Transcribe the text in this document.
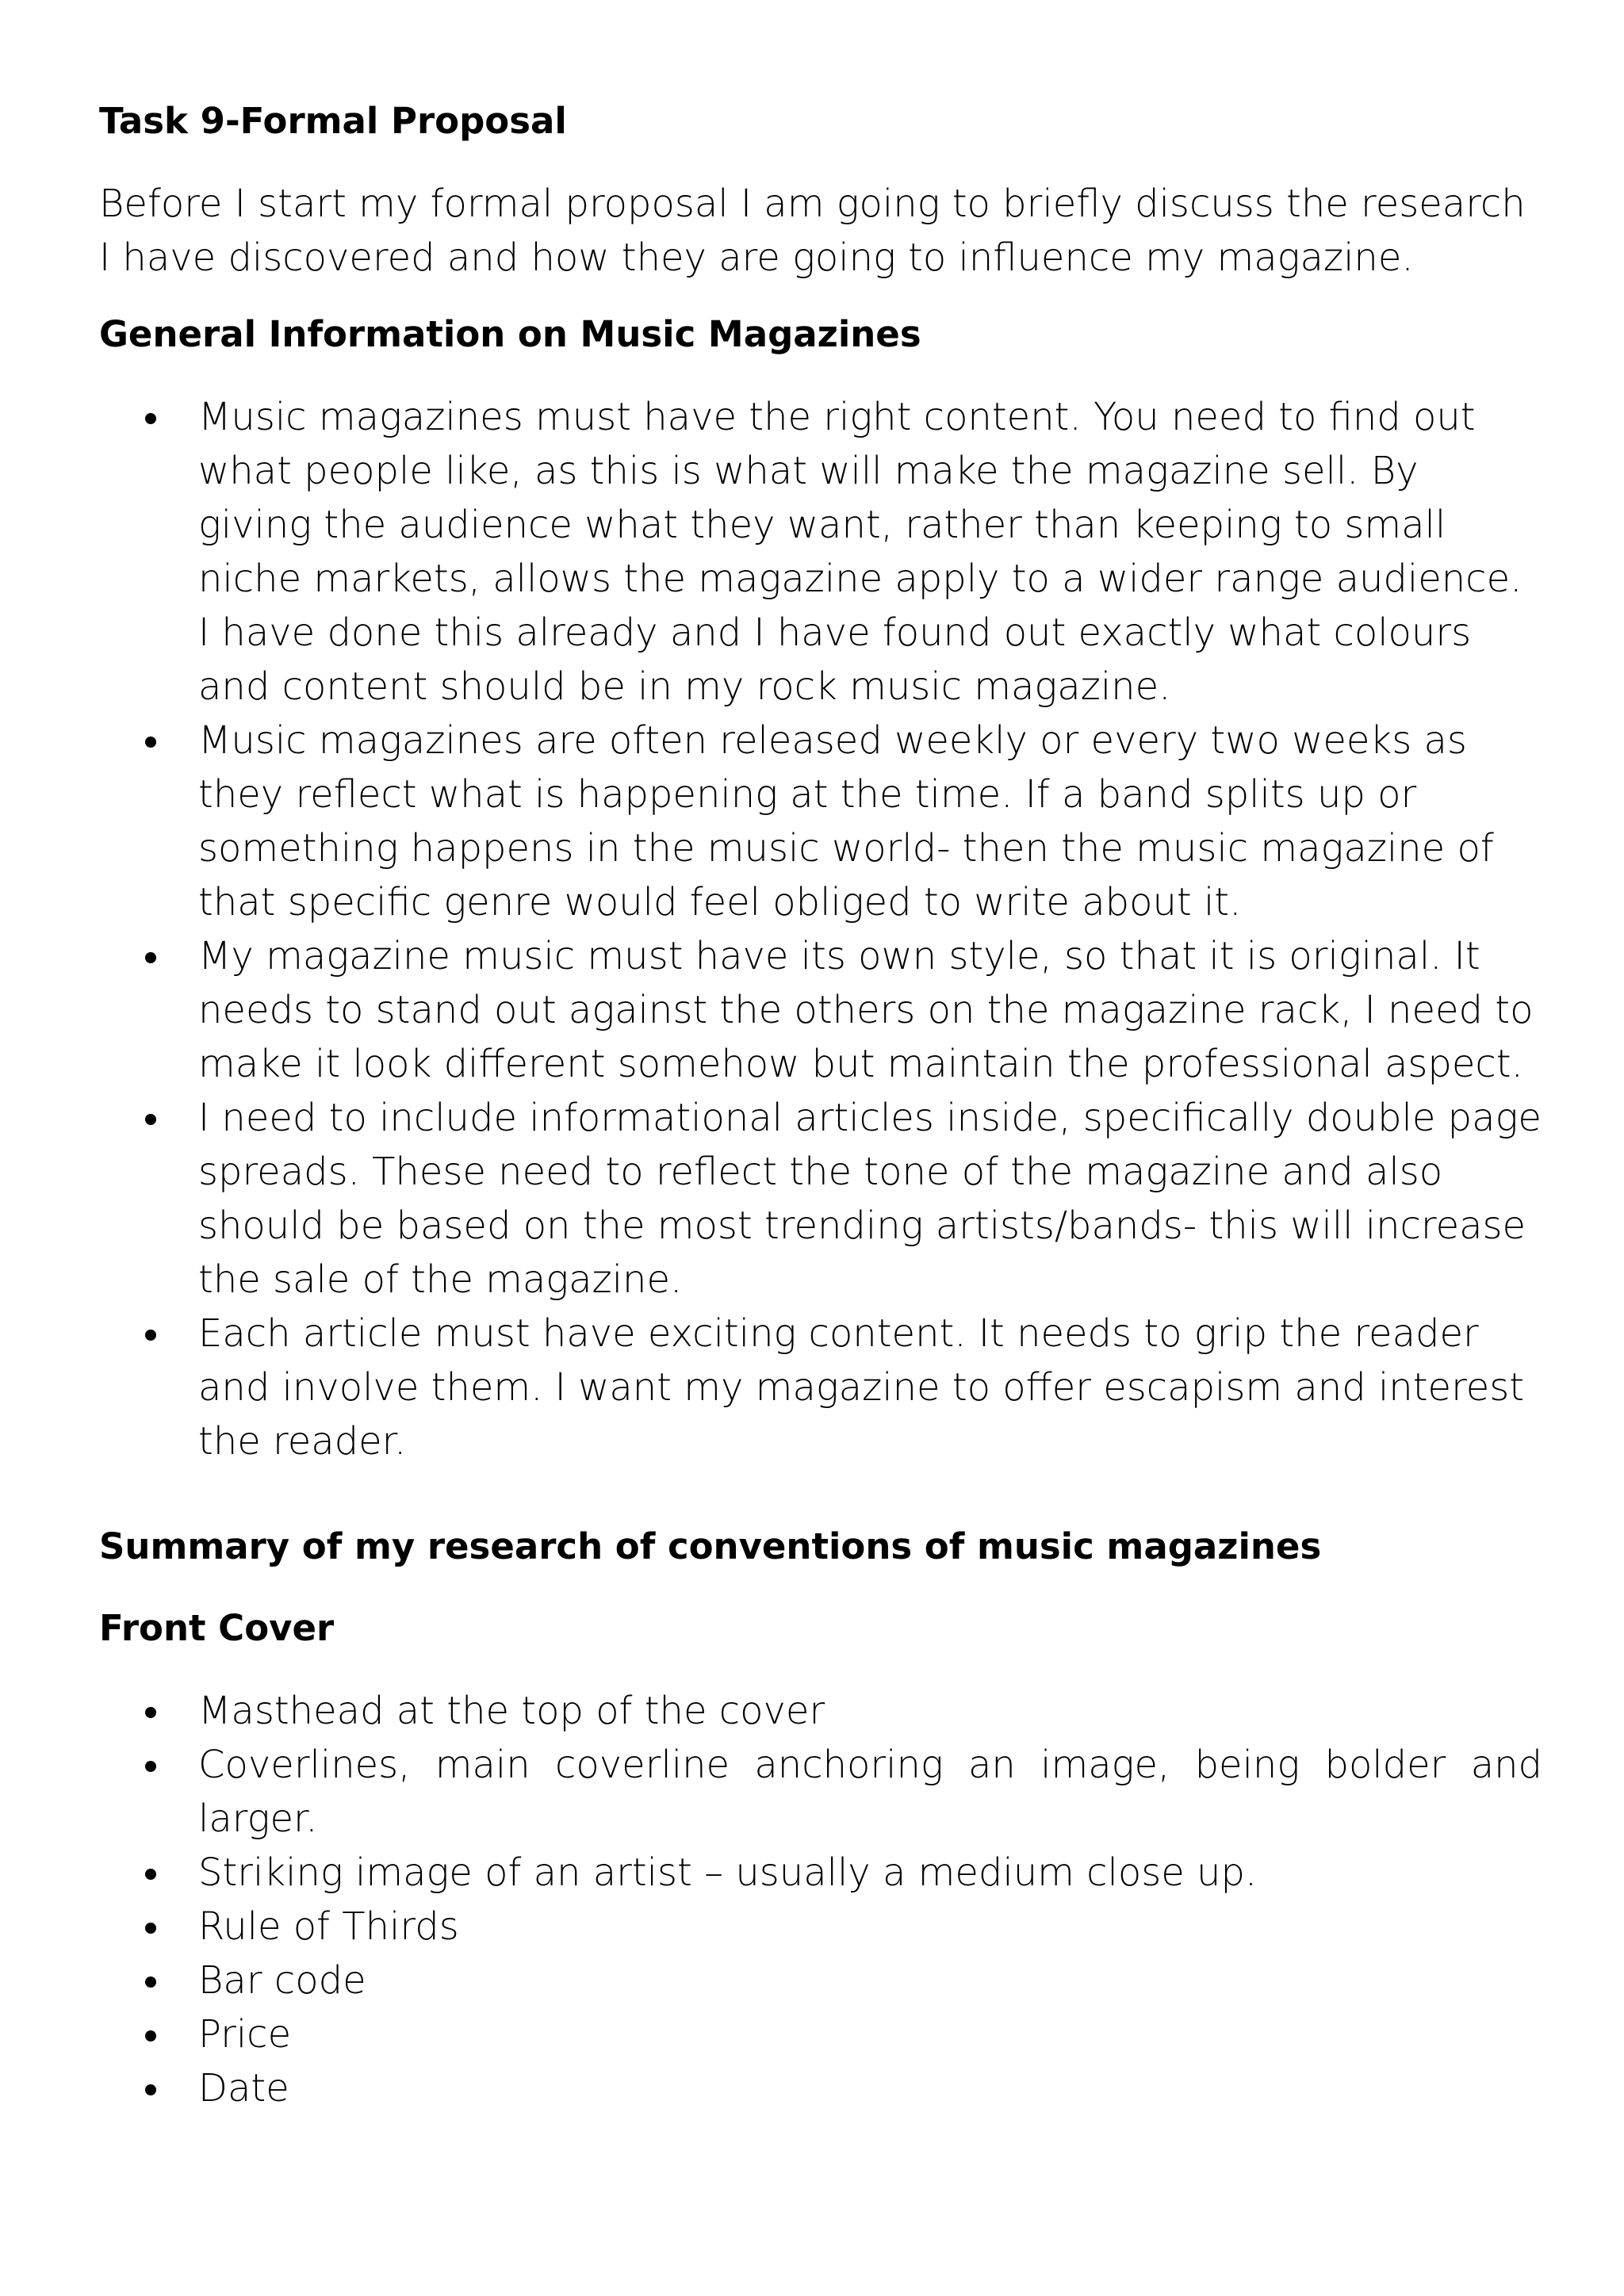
Task 9-Formal Proposal

Before I start my formal proposal I am going to briefly discuss the research I have discovered and how they are going to influence my magazine.

General Information on Music Magazines
Music magazines must have the right content. You need to find out what people like, as this is what will make the magazine sell. By giving the audience what they want, rather than keeping to small niche markets, allows the magazine apply to a wider range audience. I have done this already and I have found out exactly what colours and content should be in my rock music magazine.
Music magazines are often released weekly or every two weeks as they reflect what is happening at the time. If a band splits up or something happens in the music world- then the music magazine of that specific genre would feel obliged to write about it.
My magazine music must have its own style, so that it is original. It needs to stand out against the others on the magazine rack, I need to make it look different somehow but maintain the professional aspect.
I need to include informational articles inside, specifically double page spreads. These need to reflect the tone of the magazine and also should be based on the most trending artists/bands- this will increase the sale of the magazine.
Each article must have exciting content. It needs to grip the reader and involve them. I want my magazine to offer escapism and interest the reader.
Summary of my research of conventions of music magazines
Front Cover
Masthead at the top of the cover
Coverlines, main coverline anchoring an image, being bolder and larger.
Striking image of an artist – usually a medium close up.
Rule of Thirds
Bar code
Price
Date
